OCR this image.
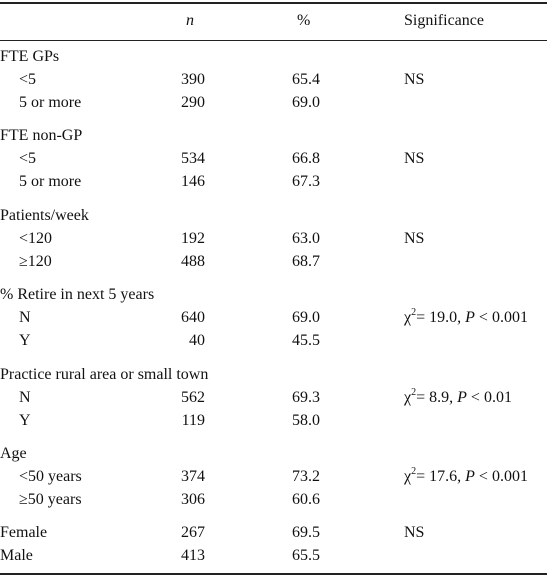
n	%	Significance
FTE GPs
<5	390	65.4	NS
5 or more	290	69.0
FTE non-GP
<5	534	66.8	NS
5 or more	146	67.3
Patients/week
<120	192	63.0	NS
≥120	488	68.7
% Retire in next 5 years
N	640	69.0	$\chi^2= 19.0$, P < 0.001
Y	40	45.5
Practice rural area or small town
N	562	69.3	$\chi^2= 8.9$, P < 0.01
Y	119	58.0
Age
<50 years	374	73.2	$\chi^2= 17.6$, P < 0.001
≥50 years	306	60.6
Female	267	69.5	NS
Male	413	65.5
